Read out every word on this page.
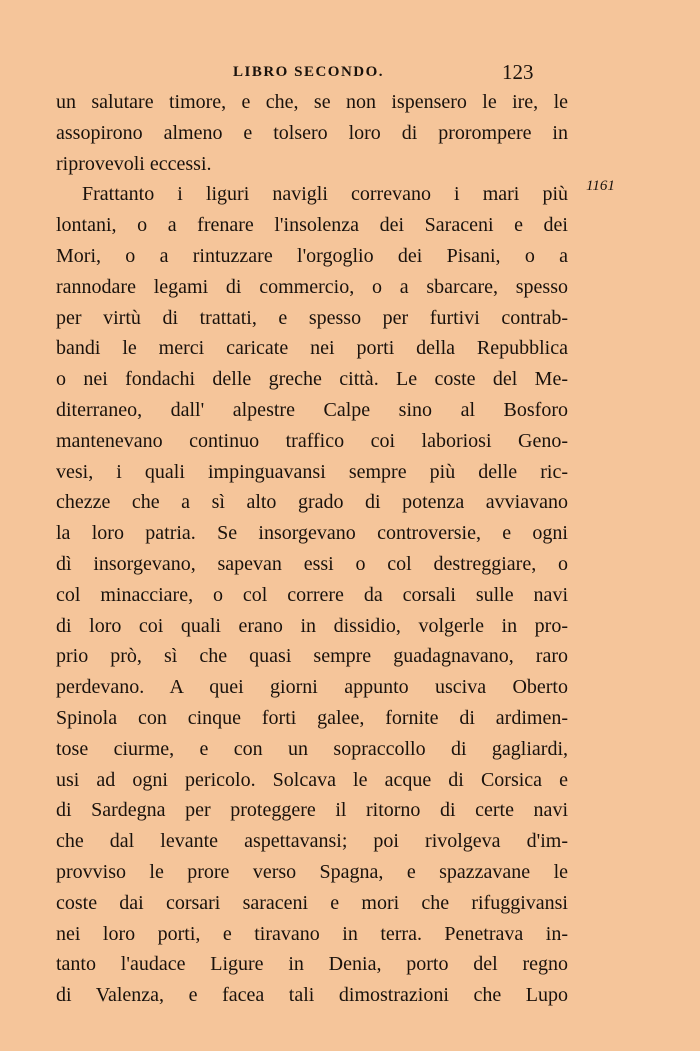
LIBRO SECONDO.	123
1161
un salutare timore, e che, se non ispensero le ire, le
assopirono almeno e tolsero loro di prorompere in
riprovevoli eccessi.
Frattanto i liguri navigli correvano i mari più
lontani, o a frenare l'insolenza dei Saraceni e dei
Mori, o a rintuzzare l'orgoglio dei Pisani, o a
rannodare legami di commercio, o a sbarcare, spesso
per virtù di trattati, e spesso per furtivi contrab-
bandi le merci caricate nei porti della Repubblica
o nei fondachi delle greche città. Le coste del Me-
diterraneo, dall' alpestre Calpe sino al Bosforo
mantenevano continuo traffico coi laboriosi Geno-
vesi, i quali impinguavansi sempre più delle ric-
chezze che a sì alto grado di potenza avviavano
la loro patria. Se insorgevano controversie, e ogni
dì insorgevano, sapevan essi o col destreggiare, o
col minacciare, o col correre da corsali sulle navi
di loro coi quali erano in dissidio, volgerle in pro-
prio prò, sì che quasi sempre guadagnavano, raro
perdevano. A quei giorni appunto usciva Oberto
Spinola con cinque forti galee, fornite di ardimen-
tose ciurme, e con un sopraccollo di gagliardi,
usi ad ogni pericolo. Solcava le acque di Corsica e
di Sardegna per proteggere il ritorno di certe navi
che dal levante aspettavansi; poi rivolgeva d'im-
provviso le prore verso Spagna, e spazzavane le
coste dai corsari saraceni e mori che rifuggivansi
nei loro porti, e tiravano in terra. Penetrava in-
tanto l'audace Ligure in Denia, porto del regno
di Valenza, e facea tali dimostrazioni che Lupo
